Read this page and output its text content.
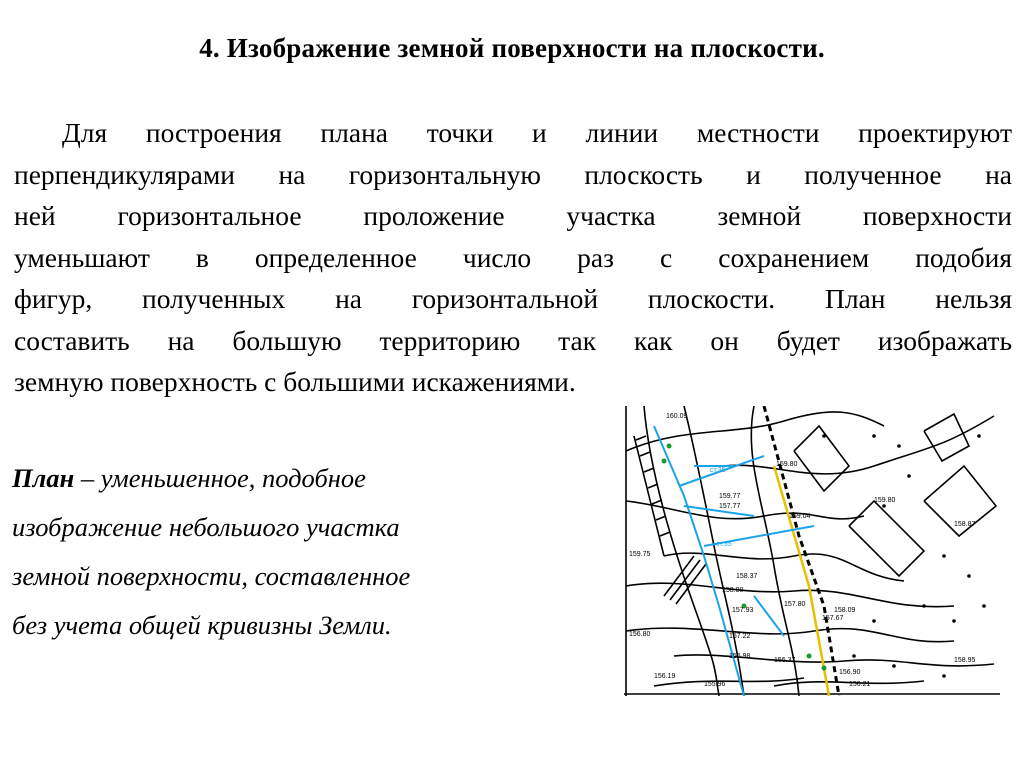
4. Изображение земной поверхности на плоскости.
Для построения плана точки и линии местности проектируют
перпендикулярами на горизонтальную плоскость и полученное на
ней горизонтальное проложение участка земной поверхности
уменьшают в определенное число раз с сохранением подобия
фигур, полученных на горизонтальной плоскости. План нельзя
составить на большую территорию так как он будет изображать
земную поверхность с большими искажениями.
План – уменьшенное, подобное
изображение небольшого участка
земной поверхности, составленное
без учета общей кривизны Земли.
160.09
ст.35
159.77
157.77
159.80
159.04
159.80
158.87
ст.35
159.75
158.37
158.80
157.93
157.80
158.09
157.67
156.80	157.22
156.98
156.37
156.19
155.96
156.90
156.21
158.95
